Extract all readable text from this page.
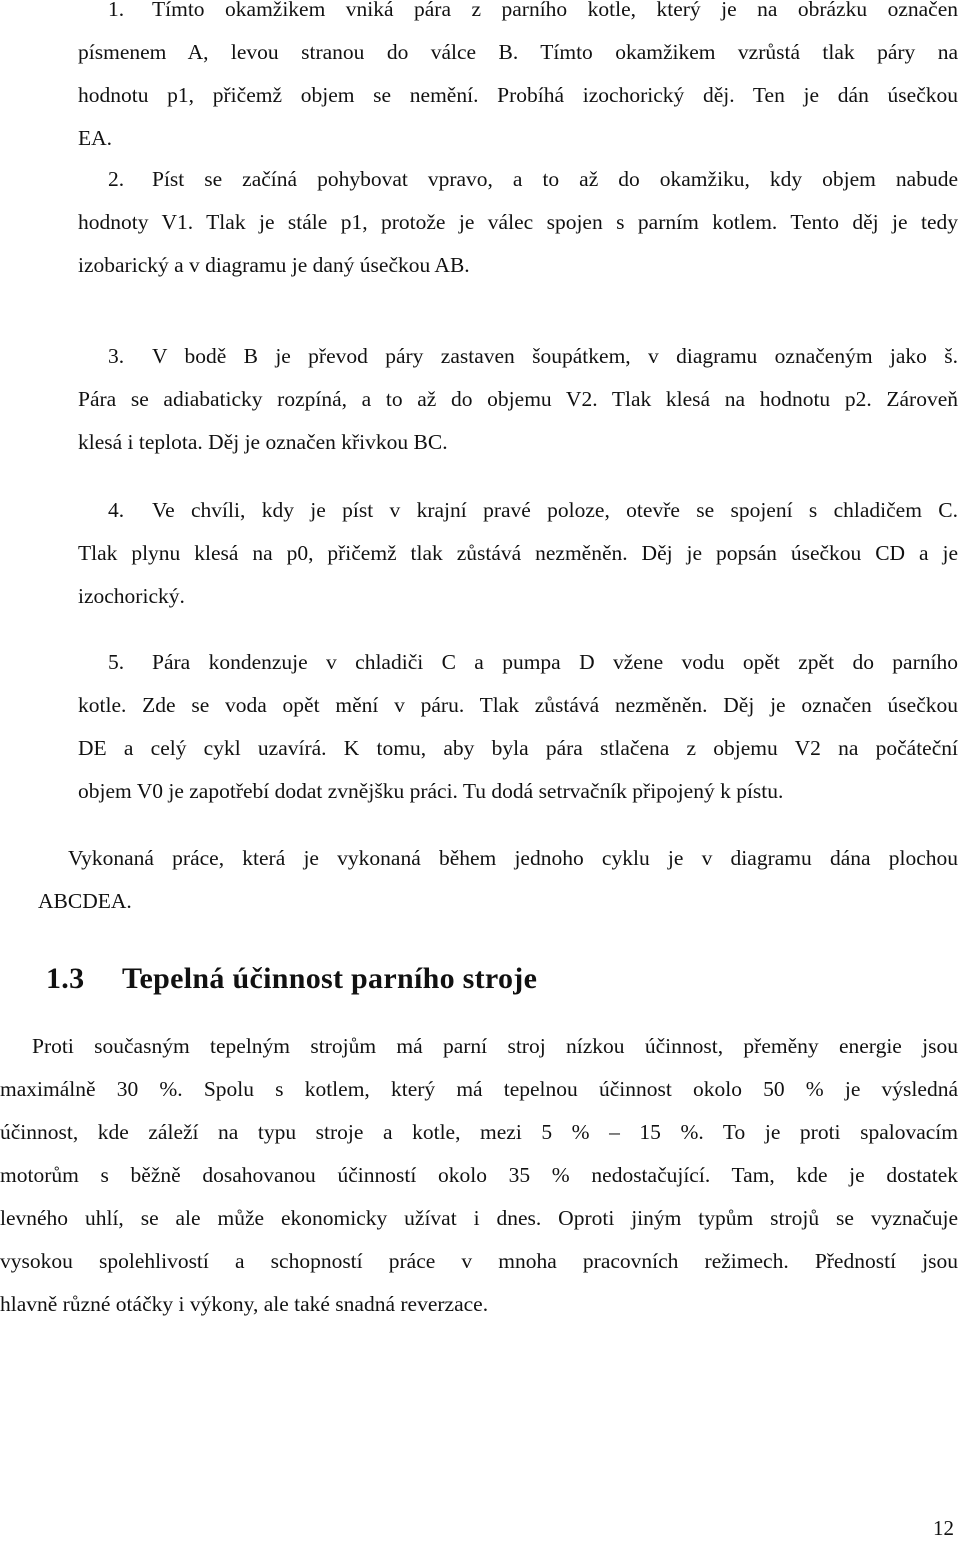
1.	Tímto okamžikem vniká pára z parního kotle, který je na obrázku označen
písmenem A, levou stranou do válce B. Tímto okamžikem vzrůstá tlak páry na
hodnotu p1, přičemž objem se nemění. Probíhá izochorický děj. Ten je dán úsečkou
EA.
2.	Píst se začíná pohybovat vpravo, a to až do okamžiku, kdy objem nabude
hodnoty V1. Tlak je stále p1, protože je válec spojen s parním kotlem. Tento děj je tedy
izobarický a v diagramu je daný úsečkou AB.
3.	V bodě B je převod páry zastaven šoupátkem, v diagramu označeným jako š.
Pára se adiabaticky rozpíná, a to až do objemu V2. Tlak klesá na hodnotu p2. Zároveň
klesá i teplota. Děj je označen křivkou BC.
4.	Ve chvíli, kdy je píst v krajní pravé poloze, otevře se spojení s chladičem C.
Tlak plynu klesá na p0, přičemž tlak zůstává nezměněn. Děj je popsán úsečkou CD a je
izochorický.
5.	Pára kondenzuje v chladiči C a pumpa D vžene vodu opět zpět do parního
kotle. Zde se voda opět mění v páru. Tlak zůstává nezměněn. Děj je označen úsečkou
DE a celý cykl uzavírá. K tomu, aby byla pára stlačena z objemu V2 na počáteční
objem V0 je zapotřebí dodat zvnějšku práci. Tu dodá setrvačník připojený k pístu.
Vykonaná práce, která je vykonaná během jednoho cyklu je v diagramu dána plochou
ABCDEA.
1.3 Tepelná účinnost parního stroje
Proti současným tepelným strojům má parní stroj nízkou účinnost, přeměny energie jsou
maximálně 30 %. Spolu s kotlem, který má tepelnou účinnost okolo 50 % je výsledná
účinnost, kde záleží na typu stroje a kotle, mezi 5 % – 15 %. To je proti spalovacím
motorům s běžně dosahovanou účinností okolo 35 % nedostačující. Tam, kde je dostatek
levného uhlí, se ale může ekonomicky užívat i dnes. Oproti jiným typům strojů se vyznačuje
vysokou spolehlivostí a schopností práce v mnoha pracovních režimech. Předností jsou
hlavně různé otáčky i výkony, ale také snadná reverzace.
12
